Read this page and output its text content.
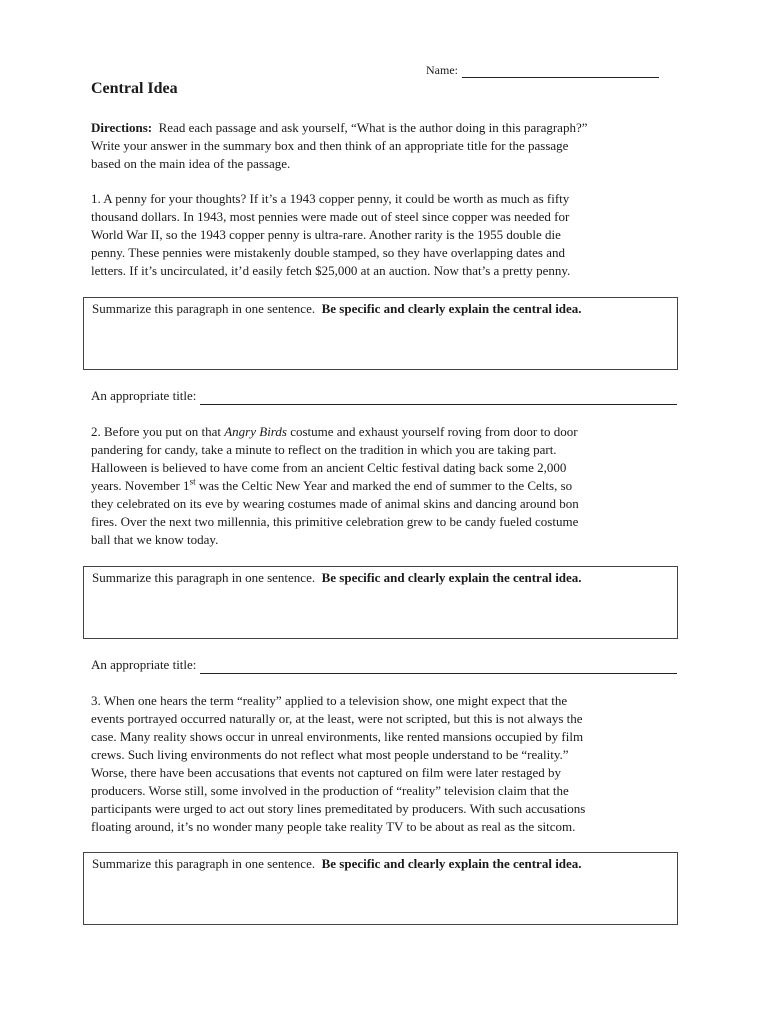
Name:
Central Idea
Directions: Read each passage and ask yourself, “What is the author doing in this paragraph?”
Write your answer in the summary box and then think of an appropriate title for the passage
based on the main idea of the passage.
1. A penny for your thoughts? If it’s a 1943 copper penny, it could be worth as much as fifty
thousand dollars. In 1943, most pennies were made out of steel since copper was needed for
World War II, so the 1943 copper penny is ultra-rare. Another rarity is the 1955 double die
penny. These pennies were mistakenly double stamped, so they have overlapping dates and
letters. If it’s uncirculated, it’d easily fetch $25,000 at an auction. Now that’s a pretty penny.
Summarize this paragraph in one sentence. Be specific and clearly explain the central idea.
An appropriate title:
2. Before you put on that Angry Birds costume and exhaust yourself roving from door to door
pandering for candy, take a minute to reflect on the tradition in which you are taking part.
Halloween is believed to have come from an ancient Celtic festival dating back some 2,000
years. November 1st was the Celtic New Year and marked the end of summer to the Celts, so
they celebrated on its eve by wearing costumes made of animal skins and dancing around bon
fires. Over the next two millennia, this primitive celebration grew to be candy fueled costume
ball that we know today.
Summarize this paragraph in one sentence. Be specific and clearly explain the central idea.
An appropriate title:
3. When one hears the term “reality” applied to a television show, one might expect that the
events portrayed occurred naturally or, at the least, were not scripted, but this is not always the
case. Many reality shows occur in unreal environments, like rented mansions occupied by film
crews. Such living environments do not reflect what most people understand to be “reality.”
Worse, there have been accusations that events not captured on film were later restaged by
producers. Worse still, some involved in the production of “reality” television claim that the
participants were urged to act out story lines premeditated by producers. With such accusations
floating around, it’s no wonder many people take reality TV to be about as real as the sitcom.
Summarize this paragraph in one sentence. Be specific and clearly explain the central idea.
